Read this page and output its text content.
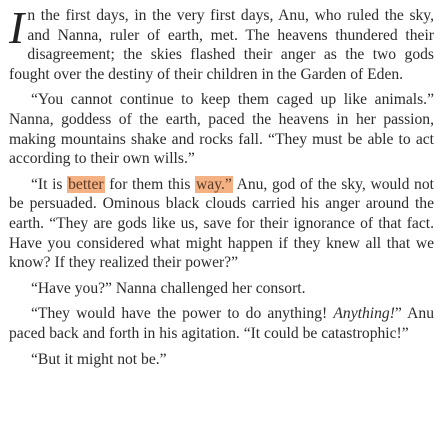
In the first days, in the very first days, Anu, who ruled the sky, and Nanna, ruler of earth, met. The heavens thundered their disagreement; the skies flashed their anger as the two gods fought over the destiny of their children in the Garden of Eden.

“You cannot continue to keep them caged up like animals.” Nanna, goddess of the earth, paced the heavens in her passion, making mountains shake and rocks fall. “They must be able to act according to their own wills.”

“It is better for them this way.” Anu, god of the sky, would not be persuaded. Ominous black clouds carried his anger around the earth. “They are gods like us, save for their ignorance of that fact. Have you considered what might happen if they knew all that we know? If they realized their power?”

“Have you?” Nanna challenged her consort.

“They would have the power to do anything! Anything!” Anu paced back and forth in his agitation. “It could be catastrophic!”

“But it might not be.”
